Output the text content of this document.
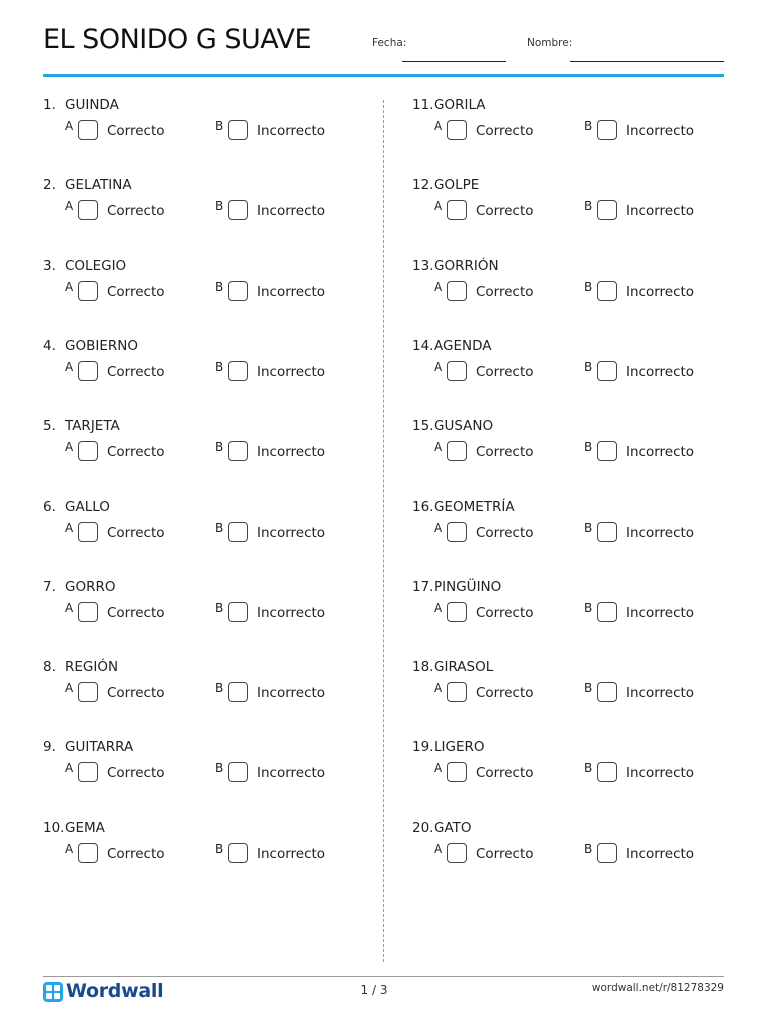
EL SONIDO G SUAVE	Fecha:	Nombre:
1. GUINDA
A	Correcto	B	Incorrecto
2. GELATINA
A	Correcto	B	Incorrecto
3. COLEGIO
A	Correcto	B	Incorrecto
4. GOBIERNO
A	Correcto	B	Incorrecto
5. TARJETA
A	Correcto	B	Incorrecto
6. GALLO
A	Correcto	B	Incorrecto
7. GORRO
A	Correcto	B	Incorrecto
8. REGIÓN
A	Correcto	B	Incorrecto
9. GUITARRA
A	Correcto	B	Incorrecto
10. GEMA
A	Correcto	B	Incorrecto
11. GORILA
A	Correcto	B	Incorrecto
12. GOLPE
A	Correcto	B	Incorrecto
13. GORRIÓN
A	Correcto	B	Incorrecto
14. AGENDA
A	Correcto	B	Incorrecto
15. GUSANO
A	Correcto	B	Incorrecto
16. GEOMETRÍA
A	Correcto	B	Incorrecto
17. PINGÜINO
A	Correcto	B	Incorrecto
18. GIRASOL
A	Correcto	B	Incorrecto
19. LIGERO
A	Correcto	B	Incorrecto
20. GATO
A	Correcto	B	Incorrecto
Wordwall	1 / 3	wordwall.net/r/81278329
